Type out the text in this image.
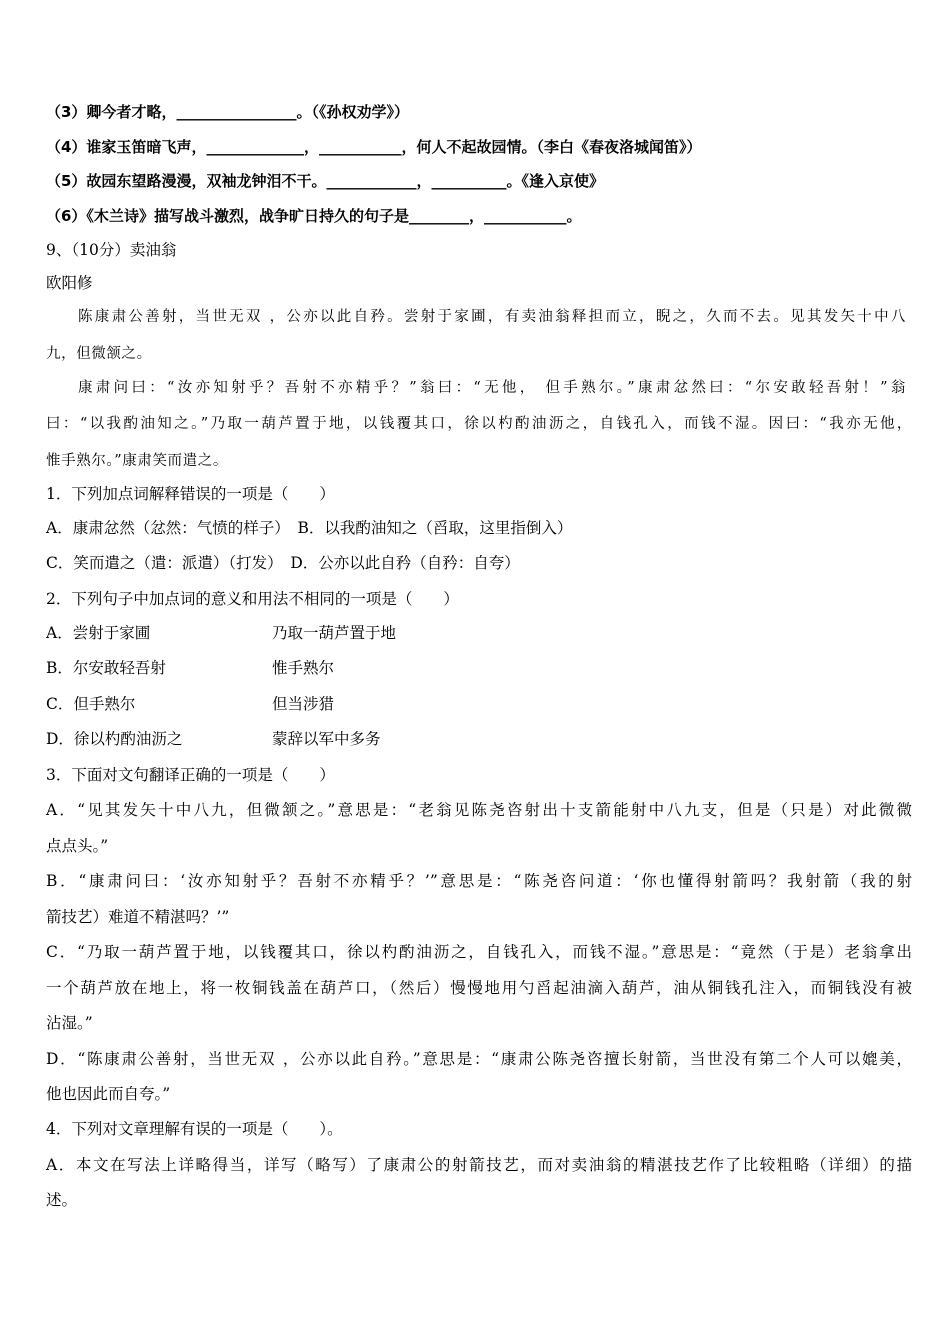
（3）卿今者才略，________________。（《孙权劝学》）
（4）谁家玉笛暗飞声，_____________，___________，何人不起故园情。（李白《春夜洛城闻笛》）
（5）故园东望路漫漫，双袖龙钟泪不干。____________，__________。《逢入京使》
（6）《木兰诗》描写战斗激烈，战争旷日持久的句子是________，___________。
9、（10分）卖油翁
欧阳修
陈康肃公善射，当世无双 ，公亦以此自矜。尝射于家圃，有卖油翁释担而立，睨之，久而不去。见其发矢十中八
九，但微颔之。
康肃问曰：“汝亦知射乎？吾射不亦精乎？”翁曰：“无他， 但手熟尔。”康肃忿然曰：“尔安敢轻吾射！”翁
曰：“以我酌油知之。”乃取一葫芦置于地，以钱覆其口，徐以杓酌油沥之，自钱孔入，而钱不湿。因曰：“我亦无他，
惟手熟尔。”康肃笑而遣之。
1．下列加点词解释错误的一项是（　　）
A．康肃忿然（忿然：气愤的样子）　B．以我酌油知之（舀取，这里指倒入）
C．笑而遣之（遣：派遣）（打发）　D．公亦以此自矜（自矜：自夸）
2．下列句子中加点词的意义和用法不相同的一项是（　　）
A．尝射于家圃	乃取一葫芦置于地
B．尔安敢轻吾射	惟手熟尔
C．但手熟尔	但当涉猎
D．徐以杓酌油沥之	蒙辞以军中多务
3．下面对文句翻译正确的一项是（　　）
A．“见其发矢十中八九，但微颔之。”意思是：“老翁见陈尧咨射出十支箭能射中八九支，但是（只是）对此微微
点点头。”
B．“康肃问曰：‘汝亦知射乎？吾射不亦精乎？’”意思是：“陈尧咨问道：‘你也懂得射箭吗？我射箭（我的射
箭技艺）难道不精湛吗？’”
C．“乃取一葫芦置于地，以钱覆其口，徐以杓酌油沥之，自钱孔入，而钱不湿。”意思是：“竟然（于是）老翁拿出
一个葫芦放在地上，将一枚铜钱盖在葫芦口，（然后）慢慢地用勺舀起油滴入葫芦，油从铜钱孔注入，而铜钱没有被
沾湿。”
D．“陈康肃公善射，当世无双 ，公亦以此自矜。”意思是：“康肃公陈尧咨擅长射箭，当世没有第二个人可以媲美，
他也因此而自夸。”
4．下列对文章理解有误的一项是（　　）。
A．本文在写法上详略得当，详写（略写）了康肃公的射箭技艺，而对卖油翁的精湛技艺作了比较粗略（详细）的描
述。
